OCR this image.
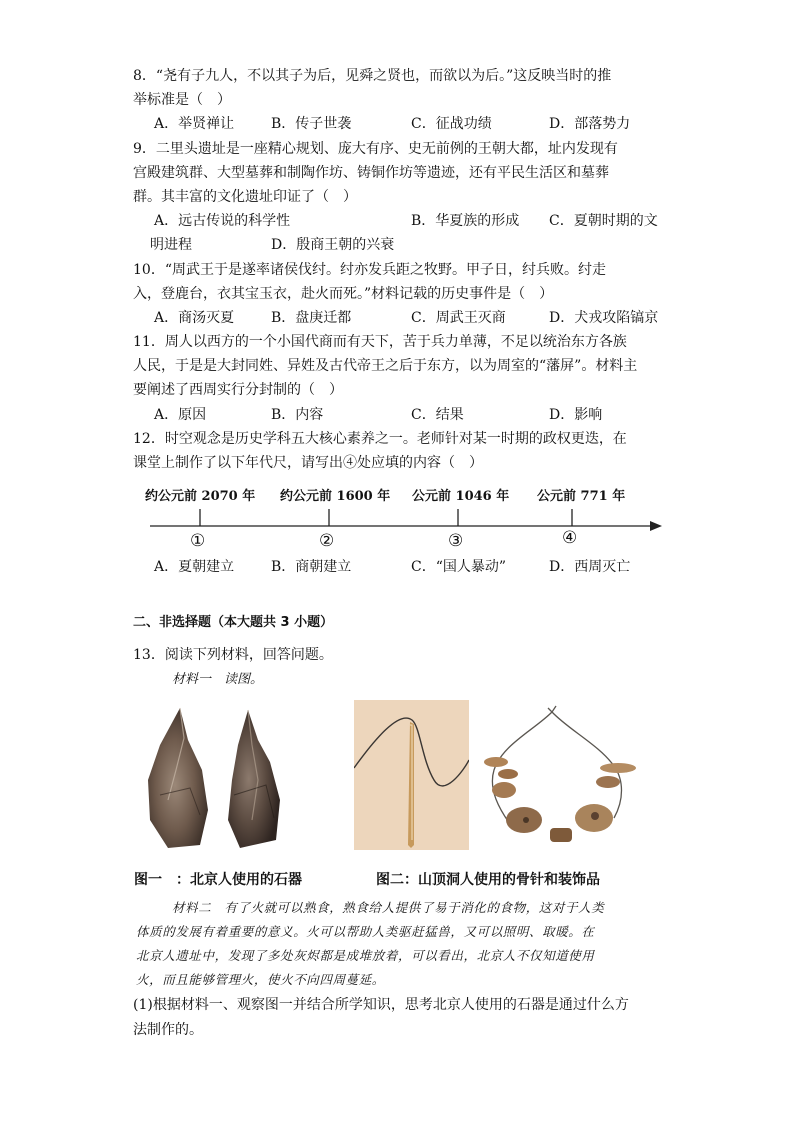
8．“尧有子九人，不以其子为后，见舜之贤也，而欲以为后。”这反映当时的推
举标准是（　）
A．举贤禅让	B．传子世袭	C．征战功绩	D．部落势力
9．二里头遗址是一座精心规划、庞大有序、史无前例的王朝大都，址内发现有
宫殿建筑群、大型墓葬和制陶作坊、铸铜作坊等遗迹，还有平民生活区和墓葬
群。其丰富的文化遗址印证了（　）
A．远古传说的科学性	B．华夏族的形成 C．夏朝时期的文
明进程	D．殷商王朝的兴衰
10．“周武王于是遂率诸侯伐纣。纣亦发兵距之牧野。甲子日，纣兵败。纣走
入，登鹿台，衣其宝玉衣，赴火而死。”材料记载的历史事件是（　）
A．商汤灭夏	B．盘庚迁都	C．周武王灭商	D．犬戎攻陷镐京
11．周人以西方的一个小国代商而有天下，苦于兵力单薄，不足以统治东方各族
人民，于是是大封同姓、异姓及古代帝王之后于东方，以为周室的“藩屏”。材料主
要阐述了西周实行分封制的（　）
A．原因	B．内容	C．结果	D．影响
12．时空观念是历史学科五大核心素养之一。老师针对某一时期的政权更迭，在
课堂上制作了以下年代尺，请写出④处应填的内容（　）
约公元前 2070 年 约公元前 1600 年 公元前 1046 年 公元前 771 年
①	②	③	④
A．夏朝建立	B．商朝建立	C．“国人暴动”	D．西周灭亡
二、非选择题（本大题共 3 小题）
13．阅读下列材料，回答问题。
材料一　读图。
图一　：北京人使用的石器	图二：山顶洞人使用的骨针和装饰品
材料二　有了火就可以熟食，熟食给人提供了易于消化的食物，这对于人类
体质的发展有着重要的意义。火可以帮助人类驱赶猛兽，又可以照明、取暖。在
北京人遗址中，发现了多处灰烬都是成堆放着，可以看出，北京人不仅知道使用
火，而且能够管理火，使火不向四周蔓延。
(1)根据材料一、观察图一并结合所学知识，思考北京人使用的石器是通过什么方
法制作的。
